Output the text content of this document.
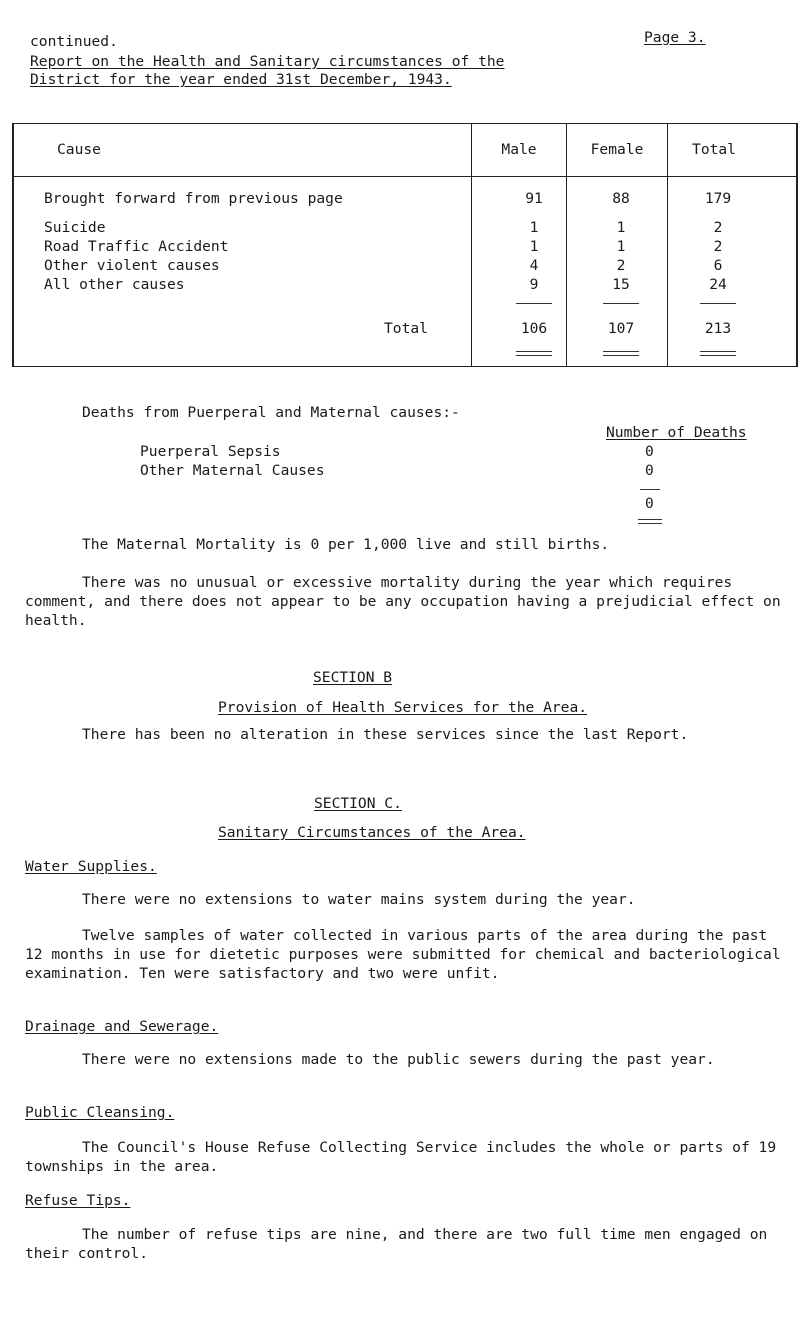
continued.	Page 3.
Report on the Health and Sanitary circumstances of the
District for the year ended 31st December, 1943.
Cause	Male	Female	Total
Brought forward from previous page	91	88	179
Suicide	1	1	2
Road Traffic Accident	1	1	2
Other violent causes	4	2	6
All other causes	9	15	24
Total	106	107	213
Deaths from Puerperal and Maternal causes:-
Number of Deaths
Puerperal Sepsis	0
Other Maternal Causes	0
0

The Maternal Mortality is 0 per 1,000 live and still births.

There was no unusual or excessive mortality during the year which requires comment, and there does not appear to be any occupation having a prejudicial effect on health.

SECTION B
Provision of Health Services for the Area.

There has been no alteration in these services since the last Report.

SECTION C.
Sanitary Circumstances of the Area.
Water Supplies.

There were no extensions to water mains system during the year.

Twelve samples of water collected in various parts of the area during the past 12 months in use for dietetic purposes were submitted for chemical and bacteriological examination. Ten were satisfactory and two were unfit.

Drainage and Sewerage.

There were no extensions made to the public sewers during the past year.

Public Cleansing.

The Council's House Refuse Collecting Service includes the whole or parts of 19 townships in the area.

Refuse Tips.

The number of refuse tips are nine, and there are two full time men engaged on their control.
